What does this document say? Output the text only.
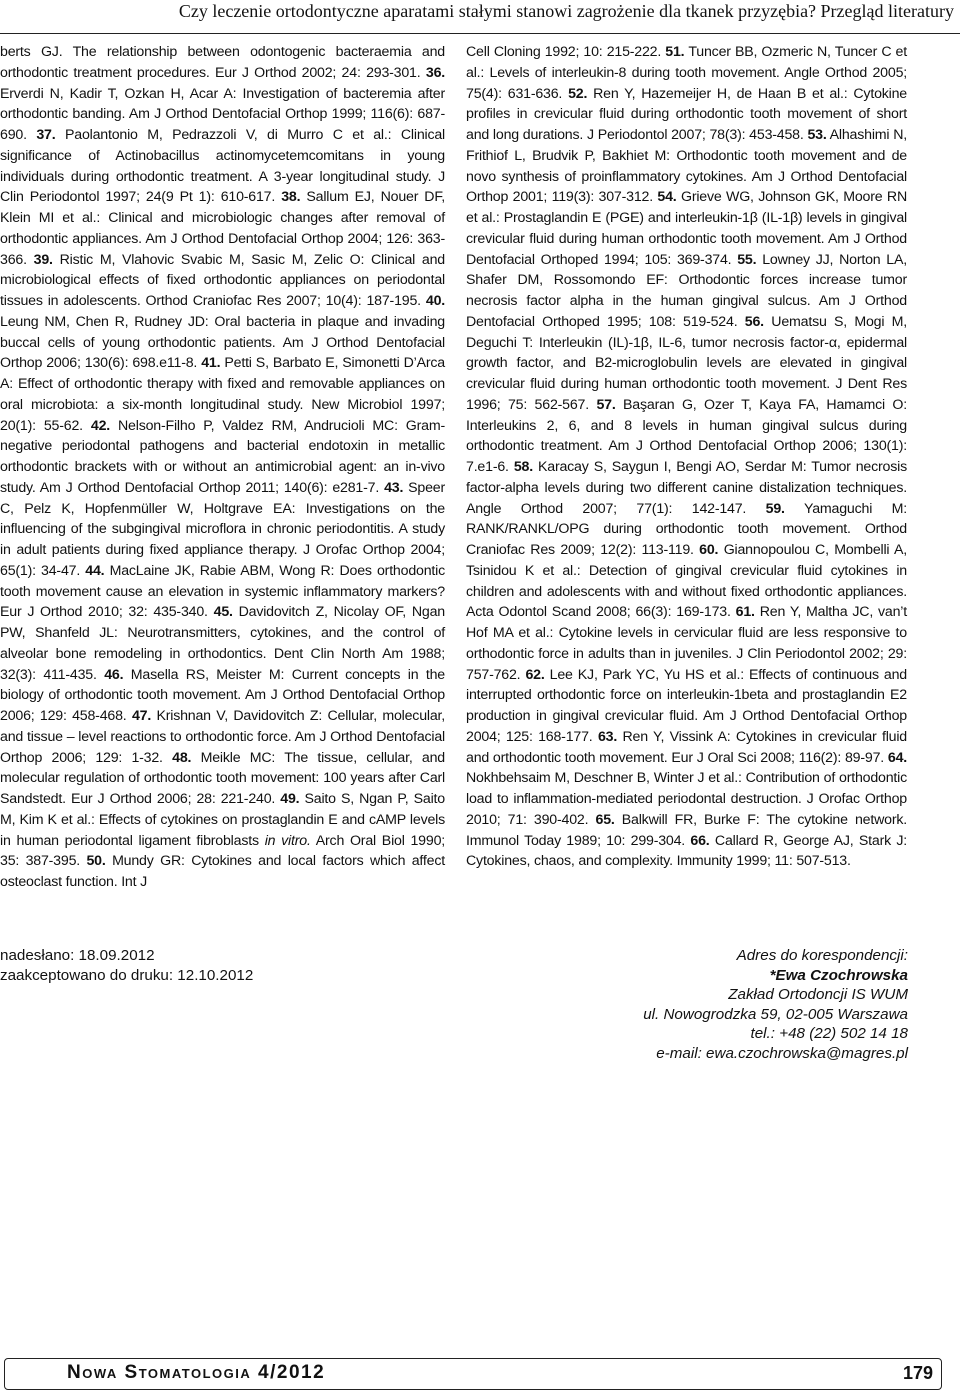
Czy leczenie ortodontyczne aparatami stałymi stanowi zagrożenie dla tkanek przyzębia? Przegląd literatury
berts GJ. The relationship between odontogenic bacteraemia and orthodontic treatment procedures. Eur J Orthod 2002; 24: 293-301. 36. Erverdi N, Kadir T, Ozkan H, Acar A: Investigation of bacteremia after orthodontic banding. Am J Orthod Dentofacial Orthop 1999; 116(6): 687-690. 37. Paolantonio M, Pedrazzoli V, di Murro C et al.: Clinical significance of Actinobacillus actinomycetemcomitans in young individuals during orthodontic treatment. A 3-year longitudinal study. J Clin Periodontol 1997; 24(9 Pt 1): 610-617. 38. Sallum EJ, Nouer DF, Klein MI et al.: Clinical and microbiologic changes after removal of orthodontic appliances. Am J Orthod Dentofacial Orthop 2004; 126: 363-366. 39. Ristic M, Vlahovic Svabic M, Sasic M, Zelic O: Clinical and microbiological effects of fixed orthodontic appliances on periodontal tissues in adolescents. Orthod Craniofac Res 2007; 10(4): 187-195. 40. Leung NM, Chen R, Rudney JD: Oral bacteria in plaque and invading buccal cells of young orthodontic patients. Am J Orthod Dentofacial Orthop 2006; 130(6): 698.e11-8. 41. Petti S, Barbato E, Simonetti D’Arca A: Effect of orthodontic therapy with fixed and removable appliances on oral microbiota: a six-month longitudinal study. New Microbiol 1997; 20(1): 55-62. 42. Nelson-Filho P, Valdez RM, Andrucioli MC: Gram-negative periodontal pathogens and bacterial endotoxin in metallic orthodontic brackets with or without an antimicrobial agent: an in-vivo study. Am J Orthod Dentofacial Orthop 2011; 140(6): e281-7. 43. Speer C, Pelz K, Hopfenmüller W, Holtgrave EA: Investigations on the influencing of the subgingival microflora in chronic periodontitis. A study in adult patients during fixed appliance therapy. J Orofac Orthop 2004; 65(1): 34-47. 44. MacLaine JK, Rabie ABM, Wong R: Does orthodontic tooth movement cause an elevation in systemic inflammatory markers? Eur J Orthod 2010; 32: 435-340. 45. Davidovitch Z, Nicolay OF, Ngan PW, Shanfeld JL: Neurotransmitters, cytokines, and the control of alveolar bone remodeling in orthodontics. Dent Clin North Am 1988; 32(3): 411-435. 46. Masella RS, Meister M: Current concepts in the biology of orthodontic tooth movement. Am J Orthod Dentofacial Orthop 2006; 129: 458-468. 47. Krishnan V, Davidovitch Z: Cellular, molecular, and tissue – level reactions to orthodontic force. Am J Orthod Dentofacial Orthop 2006; 129: 1-32. 48. Meikle MC: The tissue, cellular, and molecular regulation of orthodontic tooth movement: 100 years after Carl Sandstedt. Eur J Orthod 2006; 28: 221-240. 49. Saito S, Ngan P, Saito M, Kim K et al.: Effects of cytokines on prostaglandin E and cAMP levels in human periodontal ligament fibroblasts in vitro. Arch Oral Biol 1990; 35: 387-395. 50. Mundy GR: Cytokines and local factors which affect osteoclast function. Int J
Cell Cloning 1992; 10: 215-222. 51. Tuncer BB, Ozmeric N, Tuncer C et al.: Levels of interleukin-8 during tooth movement. Angle Orthod 2005; 75(4): 631-636. 52. Ren Y, Hazemeijer H, de Haan B et al.: Cytokine profiles in crevicular fluid during orthodontic tooth movement of short and long durations. J Periodontol 2007; 78(3): 453-458. 53. Alhashimi N, Frithiof L, Brudvik P, Bakhiet M: Orthodontic tooth movement and de novo synthesis of proinflammatory cytokines. Am J Orthod Dentofacial Orthop 2001; 119(3): 307-312. 54. Grieve WG, Johnson GK, Moore RN et al.: Prostaglandin E (PGE) and interleukin-1β (IL-1β) levels in gingival crevicular fluid during human orthodontic tooth movement. Am J Orthod Dentofacial Orthoped 1994; 105: 369-374. 55. Lowney JJ, Norton LA, Shafer DM, Rossomondo EF: Orthodontic forces increase tumor necrosis factor alpha in the human gingival sulcus. Am J Orthod Dentofacial Orthoped 1995; 108: 519-524. 56. Uematsu S, Mogi M, Deguchi T: Interleukin (IL)-1β, IL-6, tumor necrosis factor-α, epidermal growth factor, and B2-microglobulin levels are elevated in gingival crevicular fluid during human orthodontic tooth movement. J Dent Res 1996; 75: 562-567. 57. Başaran G, Ozer T, Kaya FA, Hamamci O: Interleukins 2, 6, and 8 levels in human gingival sulcus during orthodontic treatment. Am J Orthod Dentofacial Orthop 2006; 130(1): 7.e1-6. 58. Karacay S, Saygun I, Bengi AO, Serdar M: Tumor necrosis factor-alpha levels during two different canine distalization techniques. Angle Orthod 2007; 77(1): 142-147. 59. Yamaguchi M: RANK/RANKL/OPG during orthodontic tooth movement. Orthod Craniofac Res 2009; 12(2): 113-119. 60. Giannopoulou C, Mombelli A, Tsinidou K et al.: Detection of gingival crevicular fluid cytokines in children and adolescents with and without fixed orthodontic appliances. Acta Odontol Scand 2008; 66(3): 169-173. 61. Ren Y, Maltha JC, van’t Hof MA et al.: Cytokine levels in cervicular fluid are less responsive to orthodontic force in adults than in juveniles. J Clin Periodontol 2002; 29: 757-762. 62. Lee KJ, Park YC, Yu HS et al.: Effects of continuous and interrupted orthodontic force on interleukin-1beta and prostaglandin E2 production in gingival crevicular fluid. Am J Orthod Dentofacial Orthop 2004; 125: 168-177. 63. Ren Y, Vissink A: Cytokines in crevicular fluid and orthodontic tooth movement. Eur J Oral Sci 2008; 116(2): 89-97. 64. Nokhbehsaim M, Deschner B, Winter J et al.: Contribution of orthodontic load to inflammation-mediated periodontal destruction. J Orofac Orthop 2010; 71: 390-402. 65. Balkwill FR, Burke F: The cytokine network. Immunol Today 1989; 10: 299-304. 66. Callard R, George AJ, Stark J: Cytokines, chaos, and complexity. Immunity 1999; 11: 507-513.
nadesłano: 18.09.2012
zaakceptowano do druku: 12.10.2012
Adres do korespondencji:
*Ewa Czochrowska
Zakład Ortodoncji IS WUM
ul. Nowogrodzka 59, 02-005 Warszawa
tel.: +48 (22) 502 14 18
e-mail: ewa.czochrowska@magres.pl
Nowa Stomatologia 4/2012	179
